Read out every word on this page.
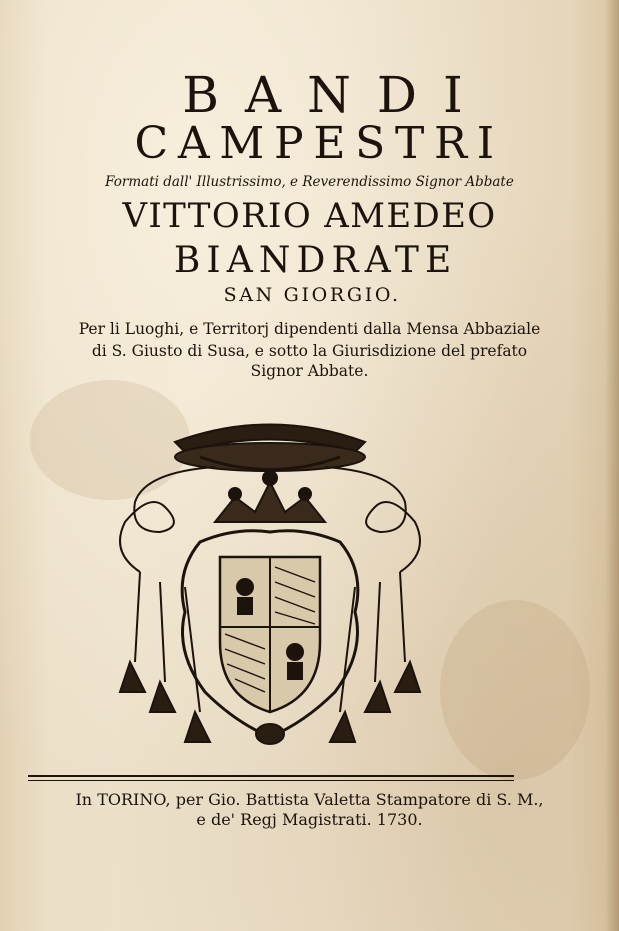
BANDI
CAMPESTRI
Formati dall' Illustrissimo, e Reverendissimo Signor Abbate
VITTORIO AMEDEO
BIANDRATE
SAN GIORGIO.
Per li Luoghi, e Territorj dipendenti dalla Mensa Abbaziale
di S. Giusto di Susa, e sotto la Giurisdizione del prefato
Signor Abbate.
In TORINO, per Gio. Battista Valetta Stampatore di S. M.,
e de' Regj Magistrati. 1730.
